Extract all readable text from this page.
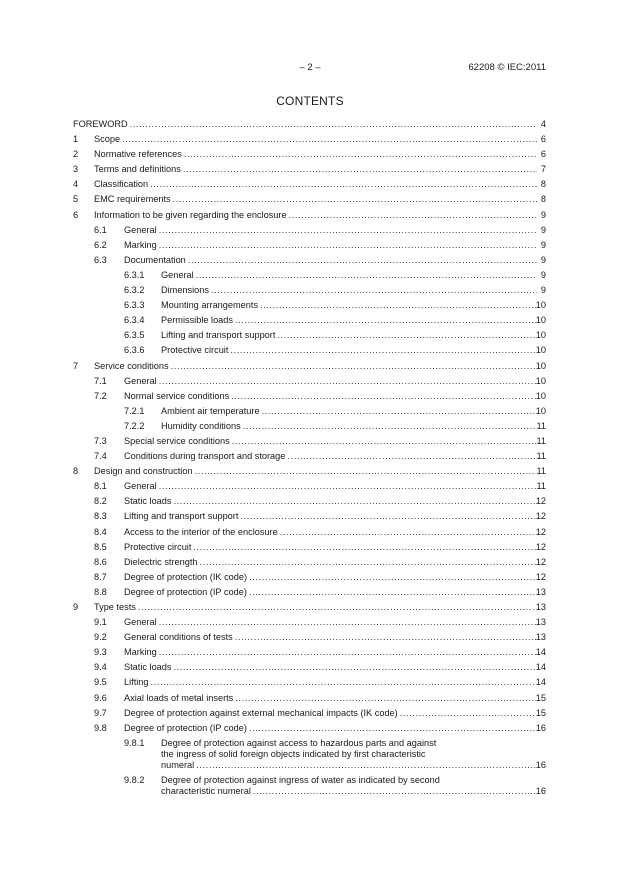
– 2 –	62208 © IEC:2011
CONTENTS
FOREWORD .....	4
1	Scope .....	6
2	Normative references .....	6
3	Terms and definitions .....	7
4	Classification .....	8
5	EMC requirements .....	8
6	Information to be given regarding the enclosure .....	9
6.1	General .....	9
6.2	Marking .....	9
6.3	Documentation .....	9
6.3.1	General .....	9
6.3.2	Dimensions .....	9
6.3.3	Mounting arrangements .....	10
6.3.4	Permissible loads .....	10
6.3.5	Lifting and transport support .....	10
6.3.6	Protective circuit .....	10
7	Service conditions .....	10
7.1	General .....	10
7.2	Normal service conditions .....	10
7.2.1	Ambient air temperature .....	10
7.2.2	Humidity conditions .....	11
7.3	Special service conditions .....	11
7.4	Conditions during transport and storage .....	11
8	Design and construction .....	11
8.1	General .....	11
8.2	Static loads .....	12
8.3	Lifting and transport support .....	12
8.4	Access to the interior of the enclosure .....	12
8.5	Protective circuit .....	12
8.6	Dielectric strength .....	12
8.7	Degree of protection (IK code) .....	12
8.8	Degree of protection (IP code) .....	13
9	Type tests .....	13
9.1	General .....	13
9.2	General conditions of tests .....	13
9.3	Marking .....	14
9.4	Static loads .....	14
9.5	Lifting .....	14
9.6	Axial loads of metal inserts .....	15
9.7	Degree of protection against external mechanical impacts (IK code) .....	15
9.8	Degree of protection (IP code) .....	16
9.8.1	Degree of protection against access to hazardous parts and against
the ingress of solid foreign objects indicated by first characteristic
numeral .....	16
9.8.2	Degree of protection against ingress of water as indicated by second
characteristic numeral .....	16
